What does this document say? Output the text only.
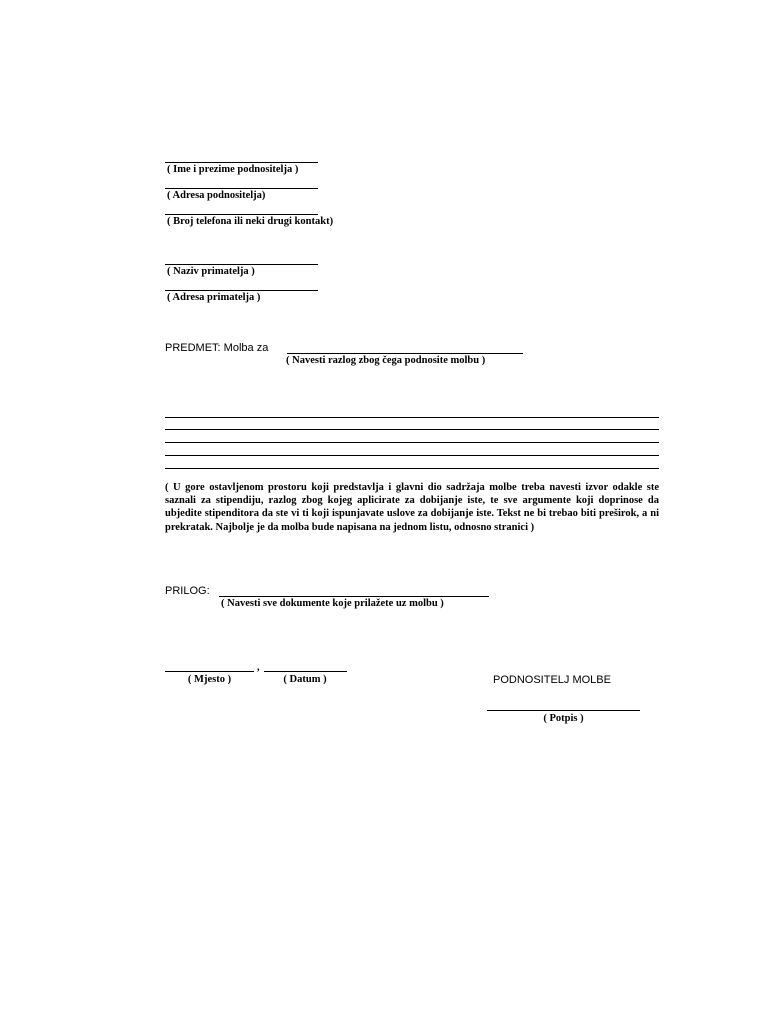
( Ime i prezime podnositelja )
( Adresa podnositelja)
( Broj telefona ili neki drugi kontakt)
( Naziv primatelja )
( Adresa primatelja )
PREDMET: Molba za
( Navesti razlog zbog čega podnosite molbu )
( U gore ostavljenom prostoru koji predstavlja i glavni dio sadržaja molbe treba navesti izvor odakle ste saznali za stipendiju, razlog zbog kojeg aplicirate za dobijanje iste, te sve argumente koji doprinose da ubjedite stipenditora da ste vi ti koji ispunjavate uslove za dobijanje iste. Tekst ne bi trebao biti preširok, a ni prekratak. Najbolje je da molba bude napisana na jednom listu, odnosno stranici )
PRILOG:
( Navesti sve dokumente koje prilažete uz molbu )
,
( Mjesto )	( Datum )	PODNOSITELJ MOLBE
( Potpis )
